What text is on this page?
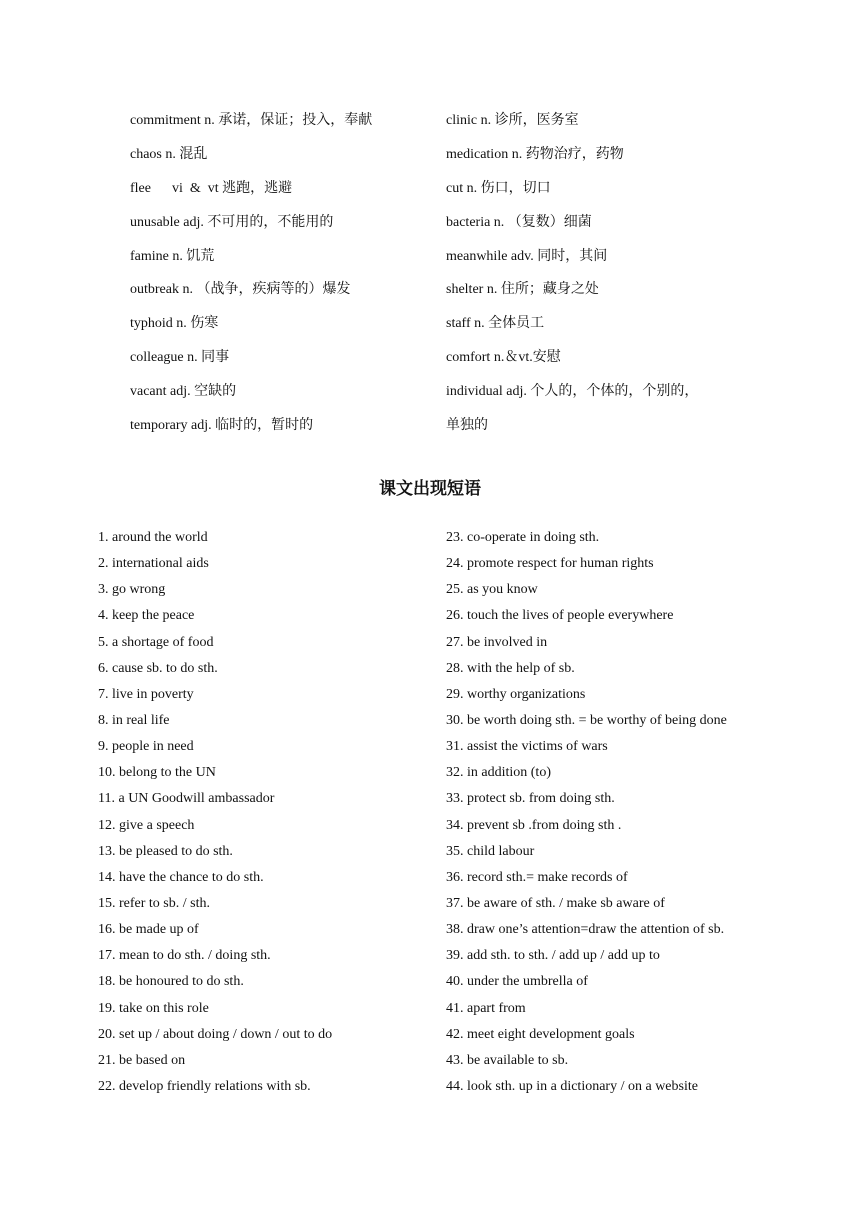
commitment n. 承诺，保证；投入，奉献
chaos n. 混乱
flee      vi  &  vt 逃跑，逃避
unusable adj. 不可用的，不能用的
famine n. 饥荒
outbreak n. （战争，疾病等的）爆发
typhoid n. 伤寒
colleague n. 同事
vacant adj. 空缺的
temporary adj. 临时的，暂时的
clinic n. 诊所，医务室
medication n. 药物治疗，药物
cut n. 伤口，切口
bacteria n. （复数）细菌
meanwhile adv. 同时，其间
shelter n. 住所；藏身之处
staff n. 全体员工
comfort n.＆vt.安慰
individual adj. 个人的，个体的，个别的，
单独的
课文出现短语
1. around the world
2. international aids
3. go wrong
4. keep the peace
5. a shortage of food
6. cause sb. to do sth.
7. live in poverty
8. in real life
9. people in need
10. belong to the UN
11. a UN Goodwill ambassador
12. give a speech
13. be pleased to do sth.
14. have the chance to do sth.
15. refer to sb. / sth.
16. be made up of
17. mean to do sth. / doing sth.
18. be honoured to do sth.
19. take on this role
20. set up / about doing / down / out to do
21. be based on
22. develop friendly relations with sb.
23. co-operate in doing sth.
24. promote respect for human rights
25. as you know
26. touch the lives of people everywhere
27. be involved in
28. with the help of sb.
29. worthy organizations
30. be worth doing sth. = be worthy of being done
31. assist the victims of wars
32. in addition (to)
33. protect sb. from doing sth.
34. prevent sb .from doing sth .
35. child labour
36. record sth.= make records of
37. be aware of sth. / make sb aware of
38. draw one’s attention=draw the attention of sb.
39. add sth. to sth. / add up / add up to
40. under the umbrella of
41. apart from
42. meet eight development goals
43. be available to sb.
44. look sth. up in a dictionary / on a website
